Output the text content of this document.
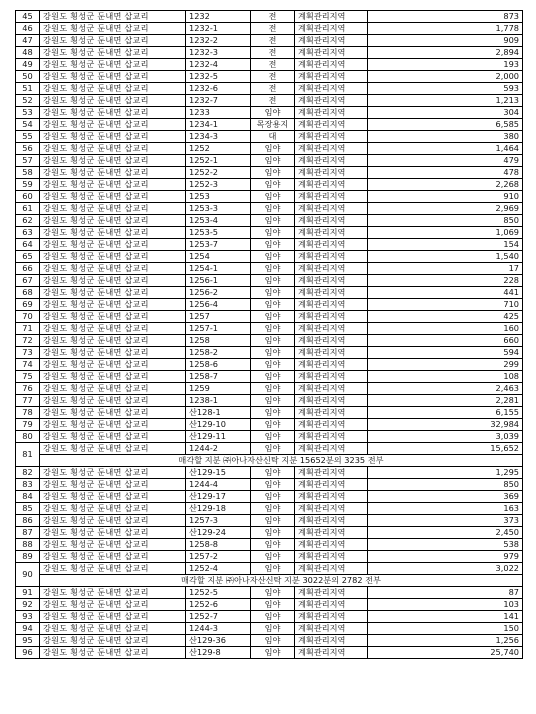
45	강원도 횡성군 둔내면 삽교리	1232	전	계획관리지역	873
46	강원도 횡성군 둔내면 삽교리	1232-1	전	계획관리지역	1,778
47	강원도 횡성군 둔내면 삽교리	1232-2	전	계획관리지역	909
48	강원도 횡성군 둔내면 삽교리	1232-3	전	계획관리지역	2,894
49	강원도 횡성군 둔내면 삽교리	1232-4	전	계획관리지역	193
50	강원도 횡성군 둔내면 삽교리	1232-5	전	계획관리지역	2,000
51	강원도 횡성군 둔내면 삽교리	1232-6	전	계획관리지역	593
52	강원도 횡성군 둔내면 삽교리	1232-7	전	계획관리지역	1,213
53	강원도 횡성군 둔내면 삽교리	1233	임야	계획관리지역	304
54	강원도 횡성군 둔내면 삽교리	1234-1	목장용지	계획관리지역	6,585
55	강원도 횡성군 둔내면 삽교리	1234-3	대	계획관리지역	380
56	강원도 횡성군 둔내면 삽교리	1252	임야	계획관리지역	1,464
57	강원도 횡성군 둔내면 삽교리	1252-1	임야	계획관리지역	479
58	강원도 횡성군 둔내면 삽교리	1252-2	임야	계획관리지역	478
59	강원도 횡성군 둔내면 삽교리	1252-3	임야	계획관리지역	2,268
60	강원도 횡성군 둔내면 삽교리	1253	임야	계획관리지역	910
61	강원도 횡성군 둔내면 삽교리	1253-3	임야	계획관리지역	2,969
62	강원도 횡성군 둔내면 삽교리	1253-4	임야	계획관리지역	850
63	강원도 횡성군 둔내면 삽교리	1253-5	임야	계획관리지역	1,069
64	강원도 횡성군 둔내면 삽교리	1253-7	임야	계획관리지역	154
65	강원도 횡성군 둔내면 삽교리	1254	임야	계획관리지역	1,540
66	강원도 횡성군 둔내면 삽교리	1254-1	임야	계획관리지역	17
67	강원도 횡성군 둔내면 삽교리	1256-1	임야	계획관리지역	228
68	강원도 횡성군 둔내면 삽교리	1256-2	임야	계획관리지역	441
69	강원도 횡성군 둔내면 삽교리	1256-4	임야	계획관리지역	710
70	강원도 횡성군 둔내면 삽교리	1257	임야	계획관리지역	425
71	강원도 횡성군 둔내면 삽교리	1257-1	임야	계획관리지역	160
72	강원도 횡성군 둔내면 삽교리	1258	임야	계획관리지역	660
73	강원도 횡성군 둔내면 삽교리	1258-2	임야	계획관리지역	594
74	강원도 횡성군 둔내면 삽교리	1258-6	임야	계획관리지역	299
75	강원도 횡성군 둔내면 삽교리	1258-7	임야	계획관리지역	108
76	강원도 횡성군 둔내면 삽교리	1259	임야	계획관리지역	2,463
77	강원도 횡성군 둔내면 삽교리	1238-1	임야	계획관리지역	2,281
78	강원도 횡성군 둔내면 삽교리	산128-1	임야	계획관리지역	6,155
79	강원도 횡성군 둔내면 삽교리	산129-10	임야	계획관리지역	32,984
80	강원도 횡성군 둔내면 삽교리	산129-11	임야	계획관리지역	3,039
81	강원도 횡성군 둔내면 삽교리	1244-2	임야	계획관리지역	15,652
	매각할 지분 ㈜아나자산신탁 지분 15652분의 3235 전부				
82	강원도 횡성군 둔내면 삽교리	산129-15	임야	계획관리지역	1,295
83	강원도 횡성군 둔내면 삽교리	1244-4	임야	계획관리지역	850
84	강원도 횡성군 둔내면 삽교리	산129-17	임야	계획관리지역	369
85	강원도 횡성군 둔내면 삽교리	산129-18	임야	계획관리지역	163
86	강원도 횡성군 둔내면 삽교리	1257-3	임야	계획관리지역	373
87	강원도 횡성군 둔내면 삽교리	산129-24	임야	계획관리지역	2,450
88	강원도 횡성군 둔내면 삽교리	1258-8	임야	계획관리지역	538
89	강원도 횡성군 둔내면 삽교리	1257-2	임야	계획관리지역	979
90	강원도 횡성군 둔내면 삽교리	1252-4	임야	계획관리지역	3,022
	매각할 지분 ㈜아나자산신탁 지분 3022분의 2782 전부				
91	강원도 횡성군 둔내면 삽교리	1252-5	임야	계획관리지역	87
92	강원도 횡성군 둔내면 삽교리	1252-6	임야	계획관리지역	103
93	강원도 횡성군 둔내면 삽교리	1252-7	임야	계획관리지역	141
94	강원도 횡성군 둔내면 삽교리	1244-3	임야	계획관리지역	150
95	강원도 횡성군 둔내면 삽교리	산129-36	임야	계획관리지역	1,256
96	강원도 횡성군 둔내면 삽교리	산129-8	임야	계획관리지역	25,740
